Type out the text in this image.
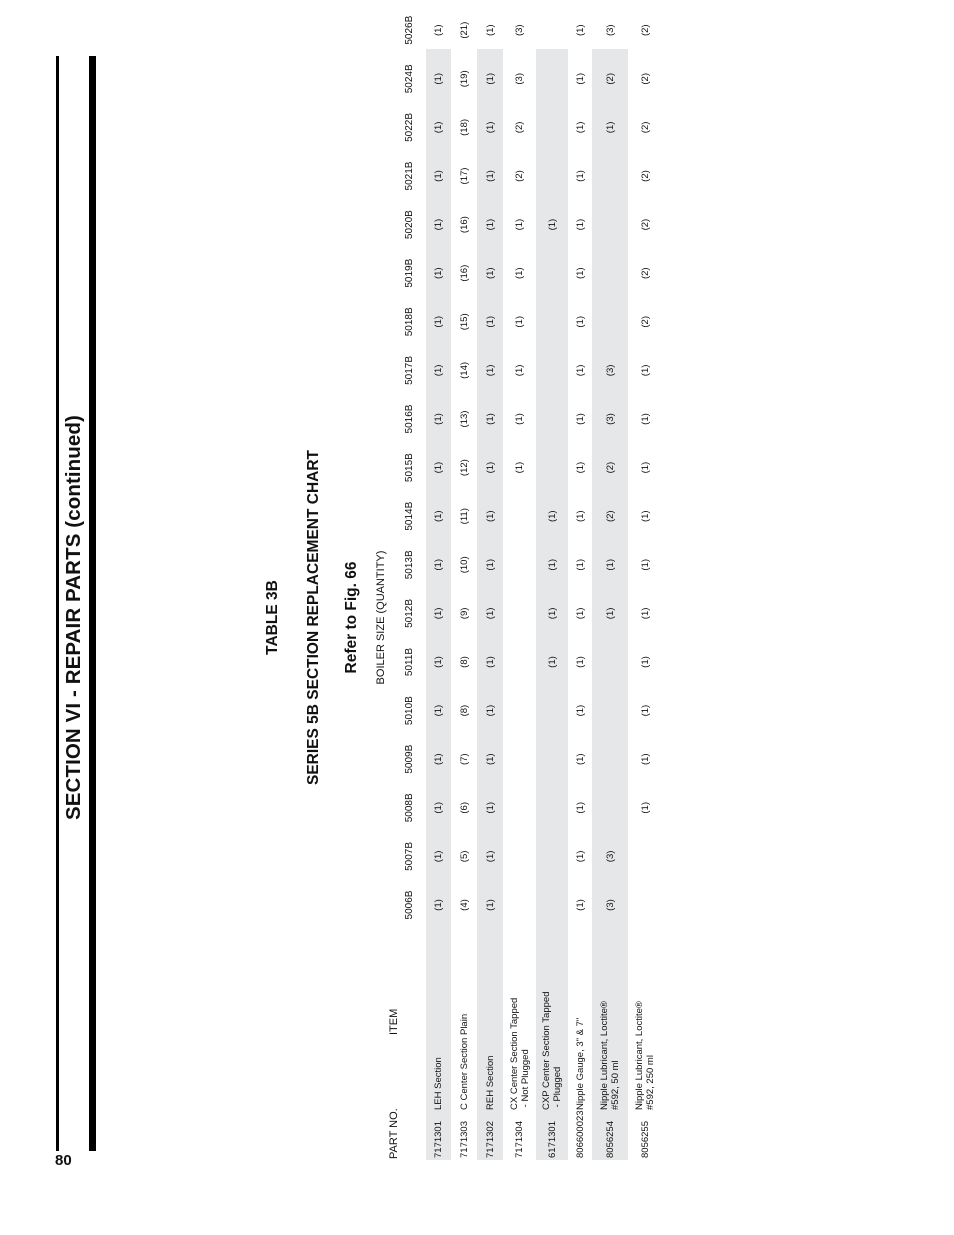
80
SECTION VI - REPAIR PARTS (continued)	TABLE 3B SERIES 5B SECTION REPLACEMENT CHART Refer to Fig. 66 BOILER SIZE (QUANTITY)
PART NO.
ITEM
5006B
5007B
5008B
5009B
5010B
5011B
5012B
5013B
5014B
5015B
5016B
5017B
5018B
5019B
5020B
5021B
5022B
5024B
5026B
7171301
LEH Section
(1)
(1)
(1)
(1)
(1)
(1)
(1)
(1)
(1)
(1)
(1)
(1)
(1)
(1)
(1)
(1)
(1)
(1)
(1)
7171303
C Center Section Plain
(4)
(5)
(6)
(7)
(8)
(8)
(9)
(10)
(11)
(12)
(13)
(14)
(15)
(16)
(16)
(17)
(18)
(19)
(21)
7171302
REH Section
(1)
(1)
(1)
(1)
(1)
(1)
(1)
(1)
(1)
(1)
(1)
(1)
(1)
(1)
(1)
(1)
(1)
(1)
(1)
7171304
CX Center Section Tapped
- Not Plugged
(1)
(1)
(1)
(1)
(1)
(1)
(2)
(2)
(3)
(3)
6171301
CXP Center Section Tapped
- Plugged
(1)
(1)
(1)
(1)
(1)
806600023
Nipple Gauge, 3" & 7"
(1)
(1)
(1)
(1)
(1)
(1)
(1)
(1)
(1)
(1)
(1)
(1)
(1)
(1)
(1)
(1)
(1)
(1)
(1)
8056254
Nipple Lubricant, Loctite®
#592, 50 ml
(3)
(3)
(1)
(1)
(2)
(2)
(3)
(3)
(1)
(2)
(3)
8056255
Nipple Lubricant, Loctite®
#592, 250 ml
(1)
(1)
(1)
(1)
(1)
(1)
(1)
(1)
(1)
(1)
(2)
(2)
(2)
(2)
(2)
(2)
(2)
